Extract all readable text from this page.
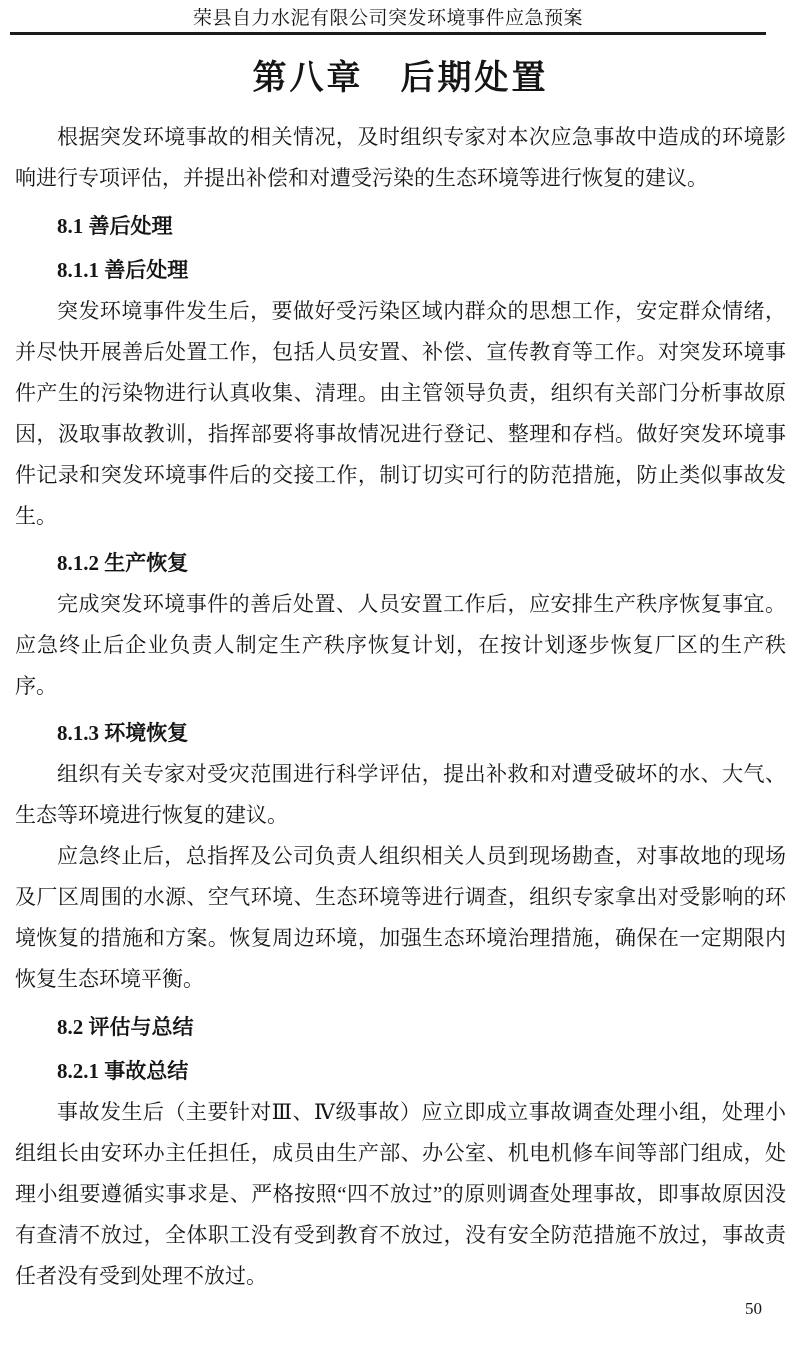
荣县自力水泥有限公司突发环境事件应急预案
第八章　后期处置

根据突发环境事故的相关情况，及时组织专家对本次应急事故中造成的环境影响进行专项评估，并提出补偿和对遭受污染的生态环境等进行恢复的建议。

8.1 善后处理
8.1.1 善后处理

突发环境事件发生后，要做好受污染区域内群众的思想工作，安定群众情绪，并尽快开展善后处置工作，包括人员安置、补偿、宣传教育等工作。对突发环境事件产生的污染物进行认真收集、清理。由主管领导负责，组织有关部门分析事故原因，汲取事故教训，指挥部要将事故情况进行登记、整理和存档。做好突发环境事件记录和突发环境事件后的交接工作，制订切实可行的防范措施，防止类似事故发生。

8.1.2 生产恢复

完成突发环境事件的善后处置、人员安置工作后，应安排生产秩序恢复事宜。应急终止后企业负责人制定生产秩序恢复计划，在按计划逐步恢复厂区的生产秩序。

8.1.3 环境恢复

组织有关专家对受灾范围进行科学评估，提出补救和对遭受破坏的水、大气、生态等环境进行恢复的建议。

应急终止后，总指挥及公司负责人组织相关人员到现场勘查，对事故地的现场及厂区周围的水源、空气环境、生态环境等进行调查，组织专家拿出对受影响的环境恢复的措施和方案。恢复周边环境，加强生态环境治理措施，确保在一定期限内恢复生态环境平衡。

8.2 评估与总结
8.2.1 事故总结

事故发生后（主要针对Ⅲ、Ⅳ级事故）应立即成立事故调查处理小组，处理小组组长由安环办主任担任，成员由生产部、办公室、机电机修车间等部门组成，处理小组要遵循实事求是、严格按照“四不放过”的原则调查处理事故，即事故原因没有查清不放过，全体职工没有受到教育不放过，没有安全防范措施不放过，事故责任者没有受到处理不放过。

50
